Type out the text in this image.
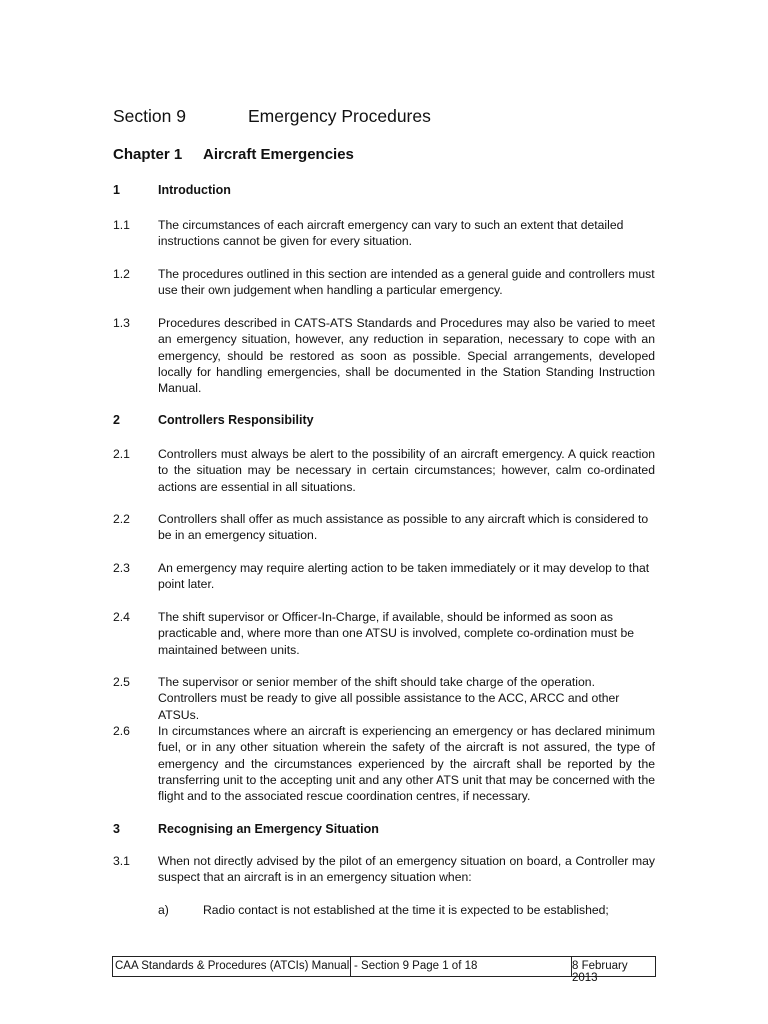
Section 9	Emergency Procedures
Chapter 1	Aircraft Emergencies
1	Introduction
1.1	The circumstances of each aircraft emergency can vary to such an extent that detailed instructions cannot be given for every situation.
1.2	The procedures outlined in this section are intended as a general guide and controllers must use their own judgement when handling a particular emergency.
1.3	Procedures described in CATS-ATS Standards and Procedures may also be varied to meet an emergency situation, however, any reduction in separation, necessary to cope with an emergency, should be restored as soon as possible. Special arrangements, developed locally for handling emergencies, shall be documented in the Station Standing Instruction Manual.
2	Controllers Responsibility
2.1	Controllers must always be alert to the possibility of an aircraft emergency. A quick reaction to the situation may be necessary in certain circumstances; however, calm co-ordinated actions are essential in all situations.
2.2	Controllers shall offer as much assistance as possible to any aircraft which is considered to be in an emergency situation.
2.3	An emergency may require alerting action to be taken immediately or it may develop to that point later.
2.4	The shift supervisor or Officer-In-Charge, if available, should be informed as soon as practicable and, where more than one ATSU is involved, complete co-ordination must be maintained between units.
2.5	The supervisor or senior member of the shift should take charge of the operation. Controllers must be ready to give all possible assistance to the ACC, ARCC and other ATSUs.
2.6	In circumstances where an aircraft is experiencing an emergency or has declared minimum fuel, or in any other situation wherein the safety of the aircraft is not assured, the type of emergency and the circumstances experienced by the aircraft shall be reported by the transferring unit to the accepting unit and any other ATS unit that may be concerned with the flight and to the associated rescue coordination centres, if necessary.
3	Recognising an Emergency Situation
3.1	When not directly advised by the pilot of an emergency situation on board, a Controller may suspect that an aircraft is in an emergency situation when:
a)	Radio contact is not established at the time it is expected to be established;
CAA Standards & Procedures (ATCIs) Manual - Section 9 Page 1 of 18	8 February 2013
